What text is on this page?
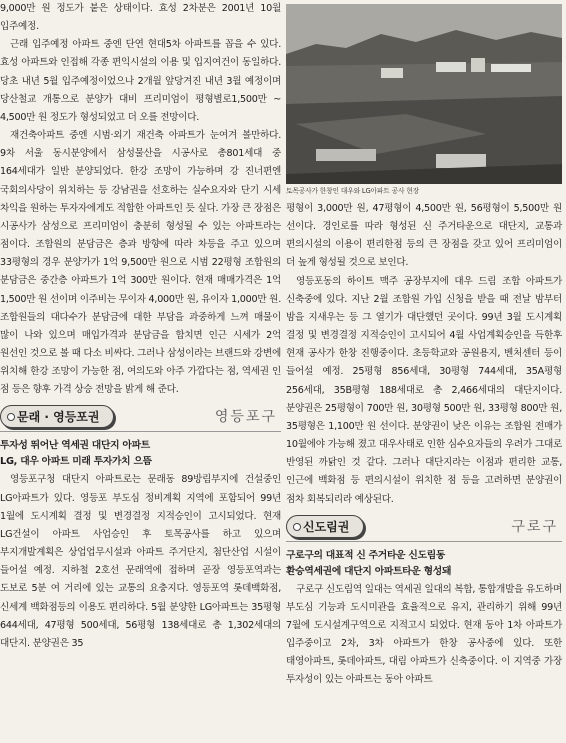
9,000만 원 정도가 붙은 상태이다. 효성 2차분은 2001년 10월 입주예정.

근래 입주예정 아파트 중엔 단연 현대5차 아파트를 꼽을 수 있다. 효성 아파트와 인접해 각종 편익시설의 이용 및 입지여건이 동일하다. 당초 내년 5월 입주예정이었으나 2개월 앞당겨진 내년 3월 예정이며 당산철교 개통으로 분양가 대비 프리미엄이 평형별로1,500만 ~ 4,500만 원 정도가 형성되었고 더 오를 전망이다.

재건축아파트 중엔 시범·외기 재건축 아파트가 눈여겨 볼만하다. 9차 서울 동시분양에서 삼성물산을 시공사로 총801세대 중 164세대가 일반 분양되었다. 한강 조망이 가능하며 강 진너편엔 국회의사당이 위치하는 등 강남권을 선호하는 실수요자와 단기 시세 차익을 원하는 투자자에게도 적합한 아파트인 듯 싶다. 가장 큰 장점은 시공사가 삼성으로 프리미엄이 충분히 형성될 수 있는 아파트라는 점이다. 조합원의 분담금은 층과 방향에 따라 차등을 주고 있으며 33평형의 경우 분양가가 1억 9,500만 원으로 시범 22평형 조합원의 분담금은 중간층 아파트가 1억 300만 원이다. 현재 매매가격은 1억 1,500만 원 선이며 이주비는 무이자 4,000만 원, 유이자 1,000만 원. 조합원들의 대다수가 분담금에 대한 부담을 과중하게 느껴 매물이 많이 나와 있으며 매입가격과 분담금을 합치면 인근 시세가 2억 원선인 것으로 볼 때 다소 비싸다. 그러나 삼성이라는 브랜드와 강변에 위치해 한강 조망이 가능한 점, 여의도와 아주 가깝다는 점, 역세권 인 점 등은 향후 가격 상승 전망을 밝게 해 준다.

문래 · 영등포권	영등포구

투자성 뛰어난 역세권 대단지 아파트

LG, 대우 아파트 미래 투자가치 으뜸

영등포구청 대단지 아파트로는 문래동 89방림부지에 건설중인 LG아파트가 있다. 영등포 부도심 정비계획 지역에 포함되어 99년 1월에 도시계획 결정 및 변경결정 지적승인이 고시되었다. 현재 LG건설이 아파트 사업승인 후 토목공사를 하고 있으며 부지개발계획은 상업업무시설과 아파트 주거단지, 첨단산업 시설이 들어설 예정. 지하철 2호선 문래역에 접하며 곧장 영등포역과는 도보로 5분 여 거리에 있는 교통의 요충지다. 영등포역 롯데백화점, 신세계 백화점등의 이용도 편리하다. 5월 분양한 LG아파트는 35평형 644세대, 47평형 500세대, 56평형 138세대로 총 1,302세대의 대단지. 분양권은 35

토목공사가 한창인 대우와 LG아파트 공사 현장

평형이 3,000만 원, 47평형이 4,500만 원, 56평형이 5,500만 원 선이다. 경인로를 따라 형성된 신 주거타운으로 대단지, 교통과 편의시설의 이용이 편리한점 등의 큰 장점을 갖고 있어 프리미엄이 더 높게 형성될 것으로 보인다.

영등포동의 하이트 맥주 공장부지에 대우 드림 조합 아파트가 신축중에 있다. 지난 2월 조합원 가입 신청을 받을 때 전날 밤부터 밤을 지새우는 등 그 열기가 대단했던 곳이다. 99년 3월 도시계획 결정 및 변경결정 지적승인이 고시되어 4월 사업계획승인을 득한후 현재 공사가 한창 진행중이다. 초등학교와 공원용지, 벤처센터 등이 들어설 예정. 25평형 856세대, 30평형 744세대, 35A평형 256세대, 35B평형 188세대로 총 2,466세대의 대단지이다. 분양권은 25평형이 700만 원, 30평형 500만 원, 33평형 800만 원, 35평형은 1,100만 원 선이다. 분양권이 낮은 이유는 조합원 전매가 10월에야 가능해 졌고 대우사태로 인한 심수요자들의 우려가 그대로 반영된 까닭인 것 같다. 그러나 대단지라는 이점과 편리한 교통, 인근에 백화점 등 편의시설이 위치한 점 등을 고려하면 분양권이 점차 회복되리라 예상된다.

신도림권	구로구

구로구의 대표적 신 주거타운 신도림동

환승역세권에 대단지 아파트타운 형성돼

구로구 신도림역 일대는 역세권 일대의 복합, 통합개발을 유도하며 부도심 기능과 도시미관을 효율적으로 유지, 관리하기 위해 99년 7월에 도시설계구역으로 지적고시 되었다. 현재 동아 1차 아파트가 입주중이고 2차, 3차 아파트가 한창 공사중에 있다. 또한 태영아파트, 롯데아파트, 대림 아파트가 신축중이다. 이 지역중 가장 투자성이 있는 아파트는 동아 아파트
